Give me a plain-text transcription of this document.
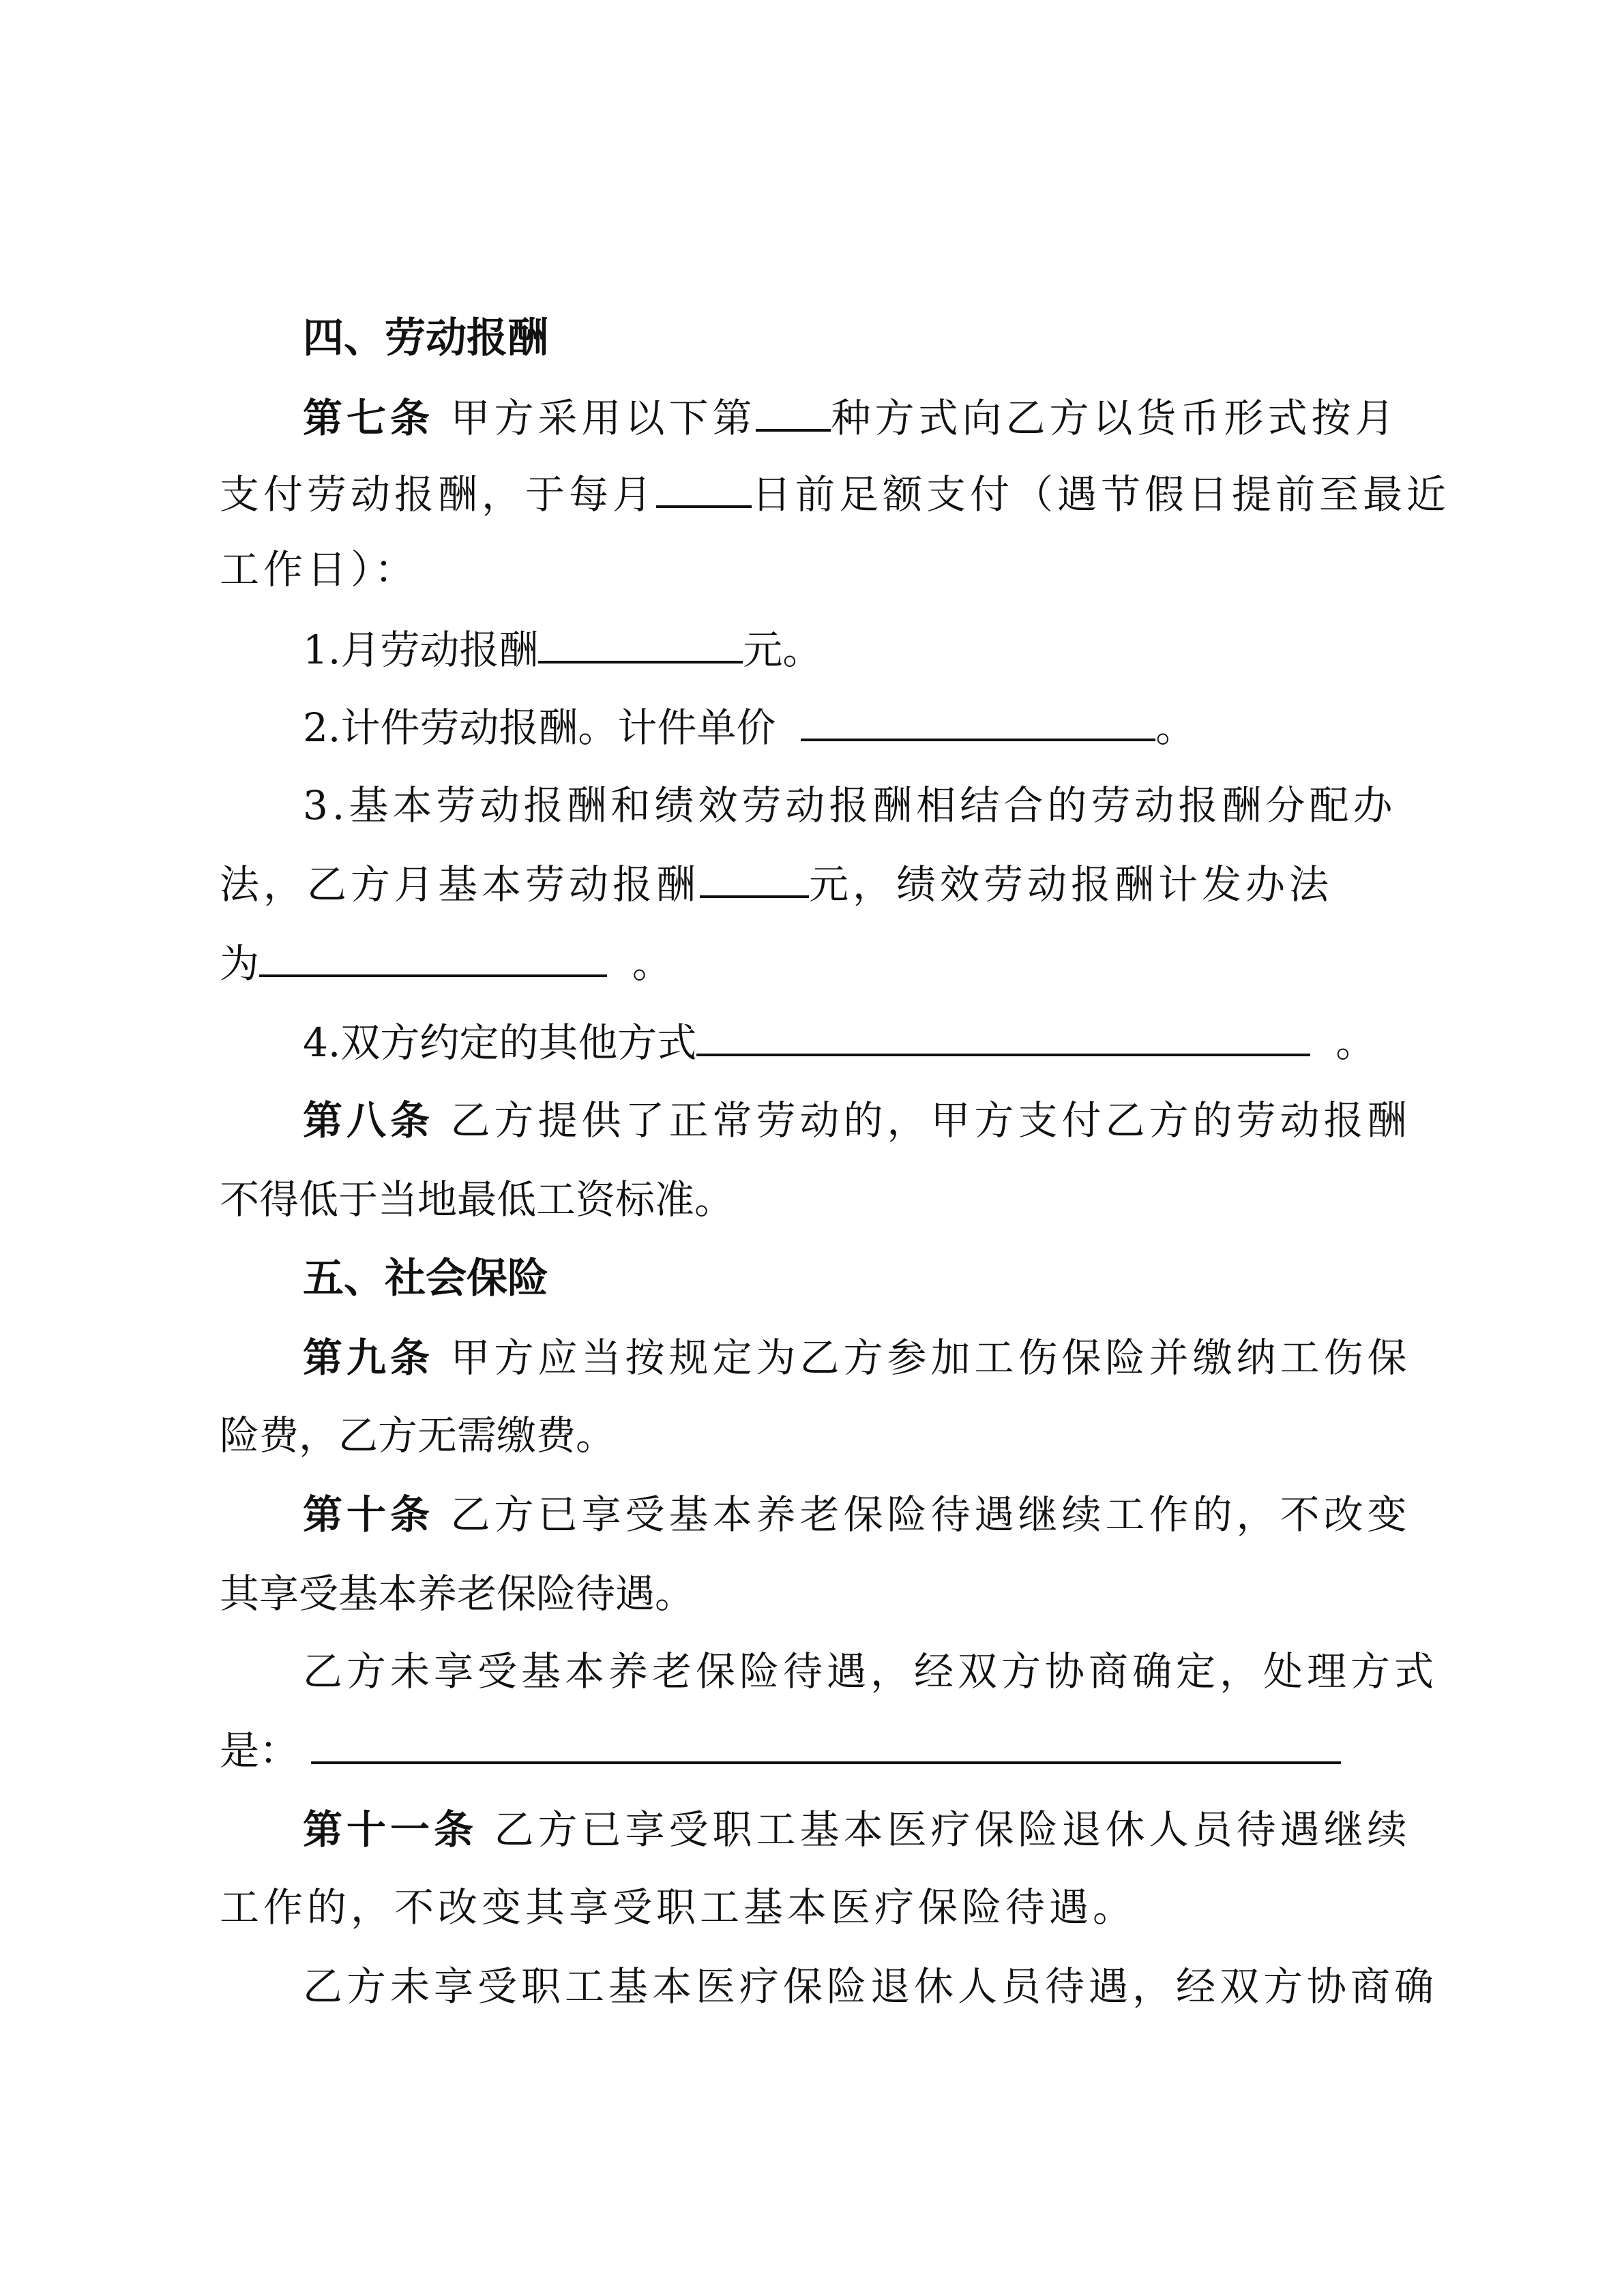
四、劳动报酬
第七条 甲方采用以下第 种方式向乙方以货币形式按月
支付劳动报酬，于每月 日前足额支付（遇节假日提前至最近
工作日）：
1.月劳动报酬	元。
2.计件劳动报酬。计件单价	。
3.基本劳动报酬和绩效劳动报酬相结合的劳动报酬分配办
法，乙方月基本劳动报酬	元，绩效劳动报酬计发办法
为	。
4.双方约定的其他方式	。
第八条 乙方提供了正常劳动的，甲方支付乙方的劳动报酬
不得低于当地最低工资标准。
五、社会保险
第九条 甲方应当按规定为乙方参加工伤保险并缴纳工伤保
险费，乙方无需缴费。
第十条 乙方已享受基本养老保险待遇继续工作的，不改变
其享受基本养老保险待遇。
乙方未享受基本养老保险待遇，经双方协商确定，处理方式
是：
第十一条 乙方已享受职工基本医疗保险退休人员待遇继续
工作的，不改变其享受职工基本医疗保险待遇。
乙方未享受职工基本医疗保险退休人员待遇，经双方协商确
